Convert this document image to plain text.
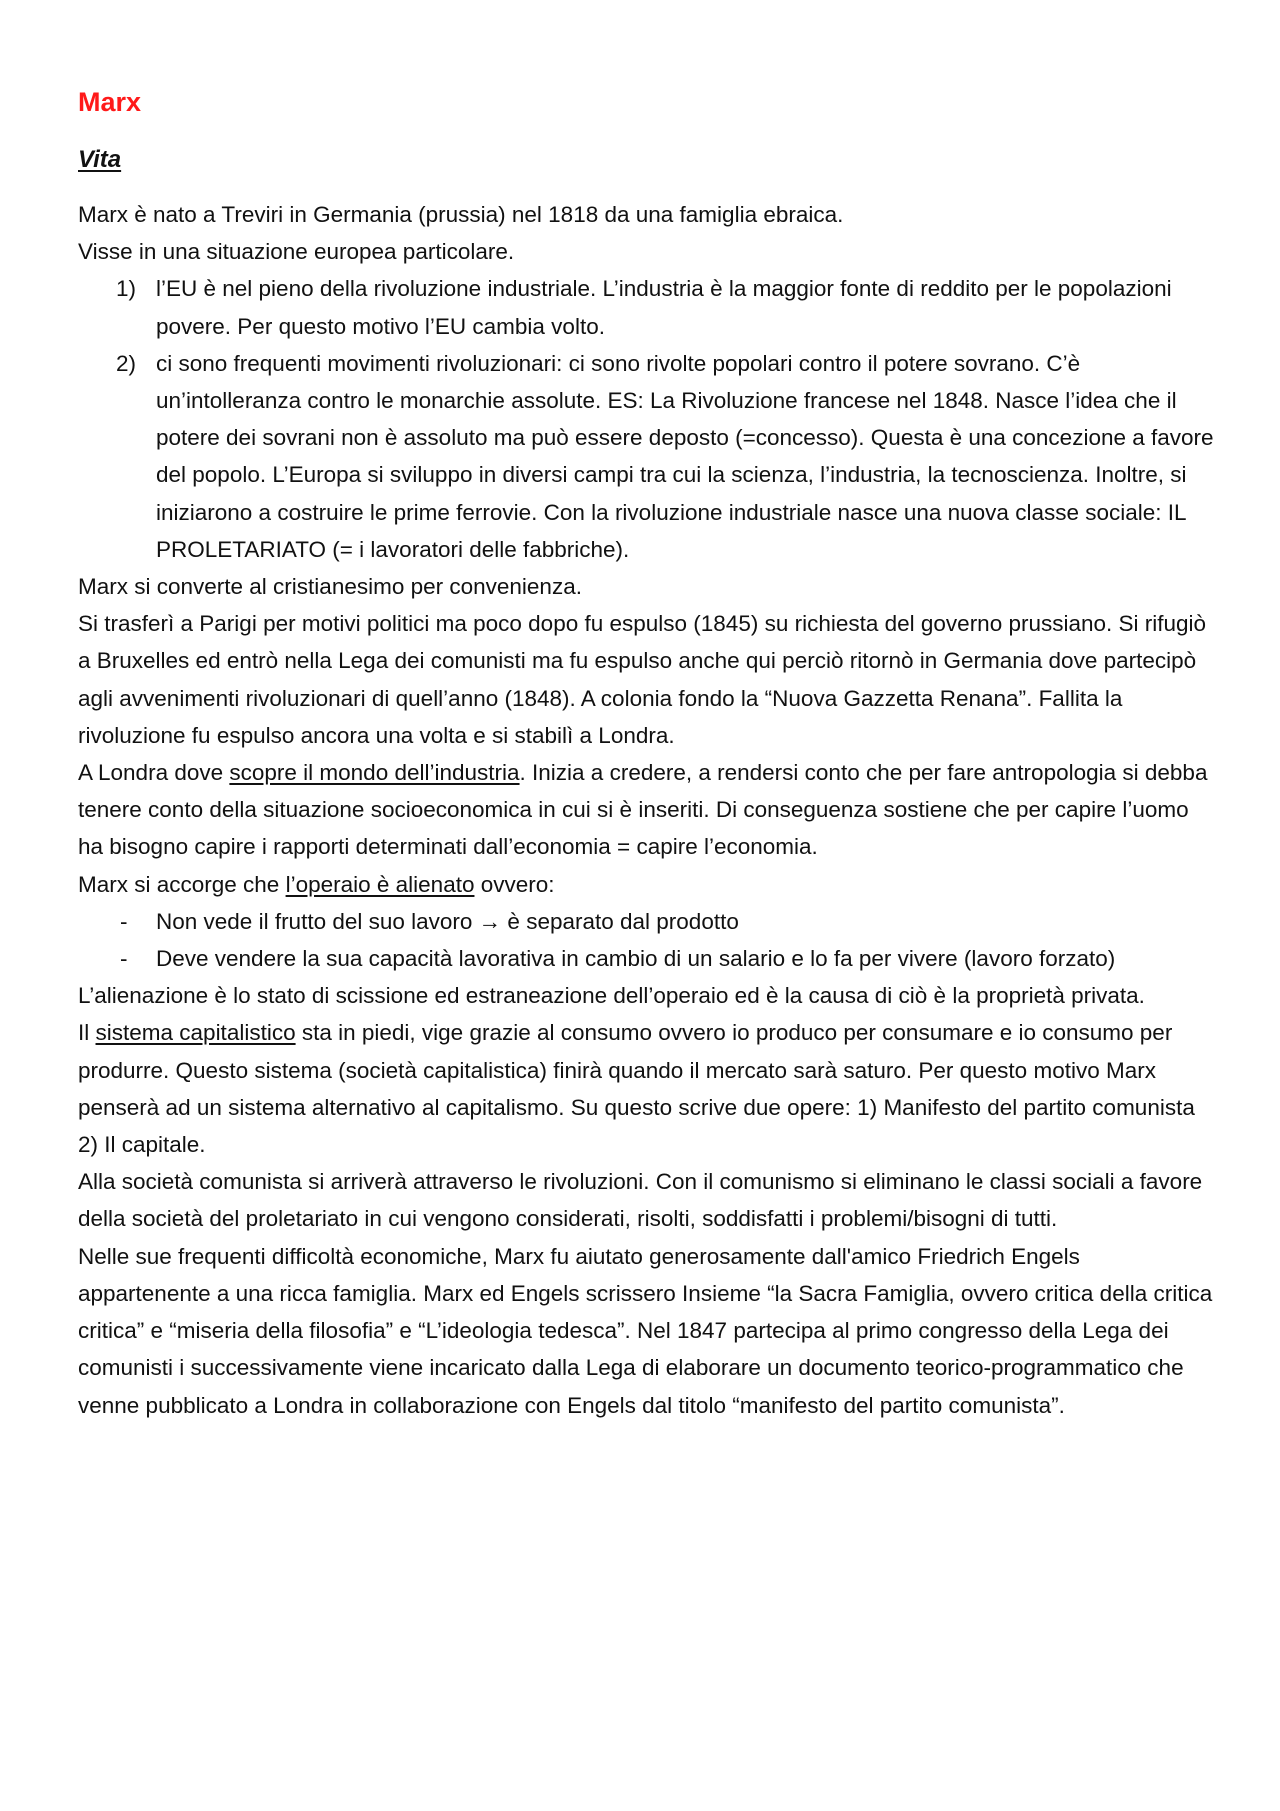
Marx
Vita

Marx è nato a Treviri in Germania (prussia) nel 1818 da una famiglia ebraica.

Visse in una situazione europea particolare.

1) l’EU è nel pieno della rivoluzione industriale. L’industria è la maggior fonte di reddito per le popolazioni povere. Per questo motivo l’EU cambia volto.
2) ci sono frequenti movimenti rivoluzionari: ci sono rivolte popolari contro il potere sovrano. C’è un’intolleranza contro le monarchie assolute. ES: La Rivoluzione francese nel 1848. Nasce l’idea che il potere dei sovrani non è assoluto ma può essere deposto (=concesso). Questa è una concezione a favore del popolo. L’Europa si sviluppo in diversi campi tra cui la scienza, l’industria, la tecnoscienza. Inoltre, si iniziarono a costruire le prime ferrovie. Con la rivoluzione industriale nasce una nuova classe sociale: IL PROLETARIATO (= i lavoratori delle fabbriche).

Marx si converte al cristianesimo per convenienza.

Si trasferì a Parigi per motivi politici ma poco dopo fu espulso (1845) su richiesta del governo prussiano. Si rifugiò a Bruxelles ed entrò nella Lega dei comunisti ma fu espulso anche qui perciò ritornò in Germania dove partecipò agli avvenimenti rivoluzionari di quell’anno (1848). A colonia fondo la “Nuova Gazzetta Renana”. Fallita la rivoluzione fu espulso ancora una volta e si stabilì a Londra.

A Londra dove scopre il mondo dell’industria. Inizia a credere, a rendersi conto che per fare antropologia si debba tenere conto della situazione socioeconomica in cui si è inseriti. Di conseguenza sostiene che per capire l’uomo ha bisogno capire i rapporti determinati dall’economia = capire l’economia.

Marx si accorge che l’operaio è alienato ovvero:

- Non vede il frutto del suo lavoro → è separato dal prodotto
- Deve vendere la sua capacità lavorativa in cambio di un salario e lo fa per vivere (lavoro forzato)

L’alienazione è lo stato di scissione ed estraneazione dell’operaio ed è la causa di ciò è la proprietà privata.

Il sistema capitalistico sta in piedi, vige grazie al consumo ovvero io produco per consumare e io consumo per produrre. Questo sistema (società capitalistica) finirà quando il mercato sarà saturo. Per questo motivo Marx penserà ad un sistema alternativo al capitalismo. Su questo scrive due opere: 1) Manifesto del partito comunista 2) Il capitale.

Alla società comunista si arriverà attraverso le rivoluzioni. Con il comunismo si eliminano le classi sociali a favore della società del proletariato in cui vengono considerati, risolti, soddisfatti i problemi/bisogni di tutti.

Nelle sue frequenti difficoltà economiche, Marx fu aiutato generosamente dall'amico Friedrich Engels appartenente a una ricca famiglia. Marx ed Engels scrissero Insieme “la Sacra Famiglia, ovvero critica della critica critica” e “miseria della filosofia” e “L’ideologia tedesca”. Nel 1847 partecipa al primo congresso della Lega dei comunisti i successivamente viene incaricato dalla Lega di elaborare un documento teorico-programmatico che venne pubblicato a Londra in collaborazione con Engels dal titolo “manifesto del partito comunista”.
